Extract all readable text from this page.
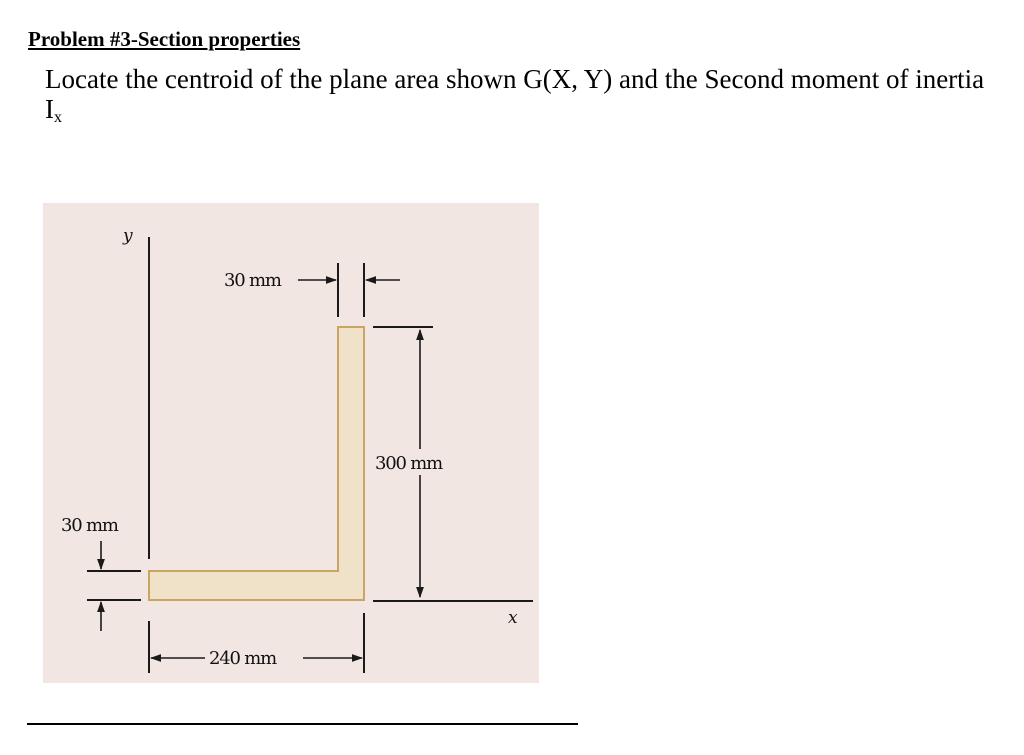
Problem #3-Section properties

Locate the centroid of the plane area shown G(X, Y) and the Second moment of inertia $I_x$

y
x
30 mm
300 mm
30 mm
240 mm
